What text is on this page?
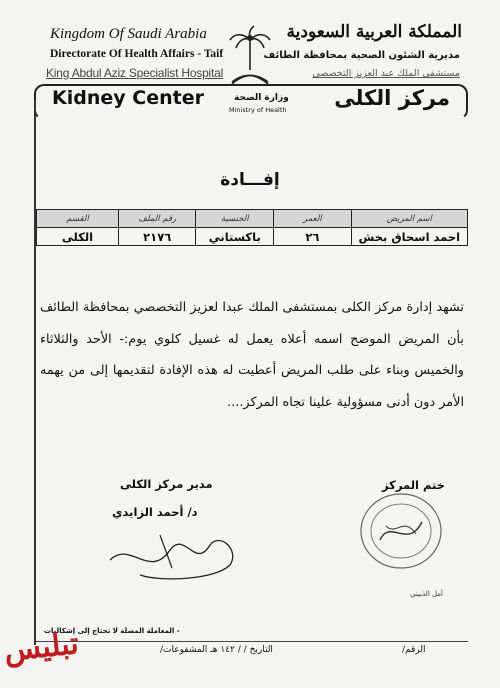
Kingdom Of Saudi Arabia
Directorate Of Health Affairs - Taif
King Abdul Aziz Specialist Hospital
المملكة العربية السعودية
مديرية الشئون الصحية بمحافظة الطائف
مستشفى الملك عبد العزيز التخصصي
وزارة الصحة
Ministry of Health
Kidney Center	مركز الكلى
إفـــادة
اسم المريض	العمر	الجنسية	رقم الملف	القسم
احمد اسحاق بخش	٢٦	باكستاني	٢١٧٦	الكلى
تشهد إدارة مركز الكلى بمستشفى الملك عبدا لعزيز التخصصي بمحافظة الطائف بأن المريض الموضح اسمه أعلاه يعمل له غسيل كلوي يوم:- الأحد والثلاثاء والخميس وبناء على طلب المريض أعطيت له هذه الإفادة لتقديمها إلى من يهمه الأمر دون أدنى مسؤولية علينا تجاه المركز....
مدير مركز الكلى
د/ أحمد الزايدي
ختم المركز
أمل الذبيني
- المعاملة المصلة لا تحتاج إلى إشكاليات
التاريخ / / ١٤٢ هـ المشفوعات/	الرقم/
تبليس
